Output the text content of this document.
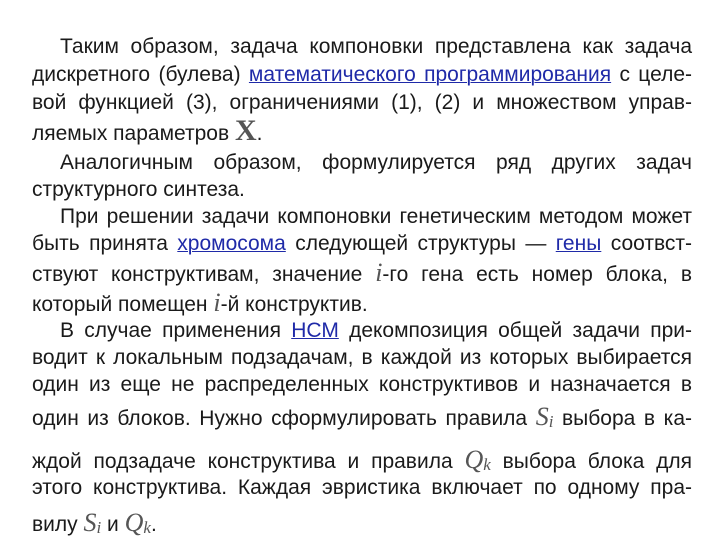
Таким образом, задача компоновки представлена как задача
дискретного (булева) математического программирования с целе-
вой функцией (3), ограничениями (1), (2) и множеством управ-
ляемых параметров X.
Аналогичным образом, формулируется ряд других задач
структурного синтеза.
При решении задачи компоновки генетическим методом может
быть принята хромосома следующей структуры — гены соотвст-
ствуют конструктивам, значение i-го гена есть номер блока, в
который помещен i-й конструктив.
В случае применения НСМ декомпозиция общей задачи при-
водит к локальным подзадачам, в каждой из которых выбирается
один из еще не распределенных конструктивов и назначается в
один из блоков. Нужно сформулировать правила Si выбора в ка-
ждой подзадаче конструктива и правила Qk выбора блока для
этого конструктива. Каждая эвристика включает по одному пра-
вилу Si и Qk.
